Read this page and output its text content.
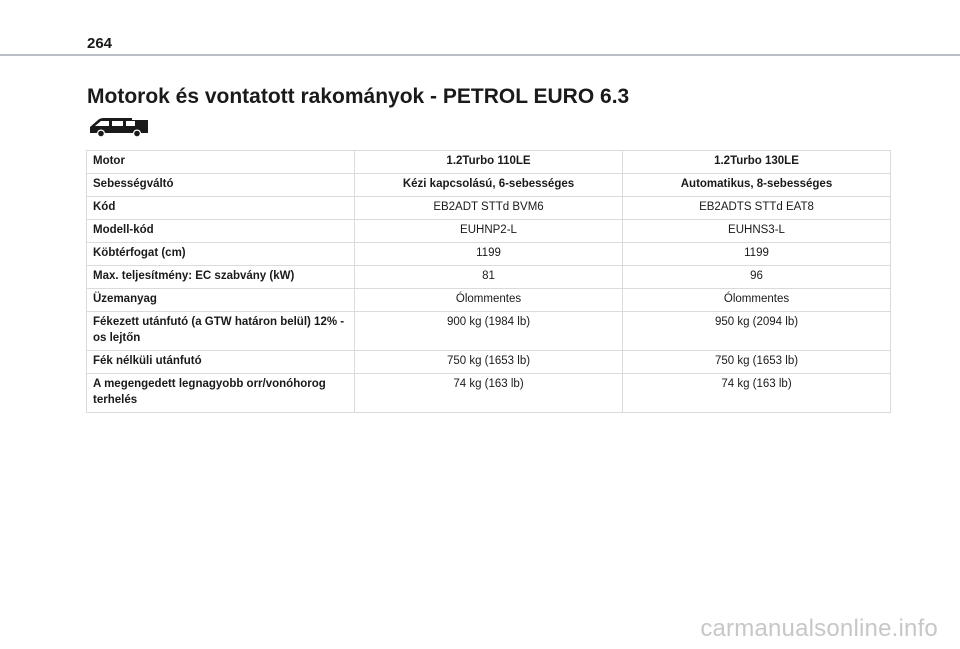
264
Motorok és vontatott rakományok - PETROL EURO 6.3
Motor	1.2Turbo 110LE	1.2Turbo 130LE
Sebességváltó	Kézi kapcsolású, 6-sebességes	Automatikus, 8-sebességes
Kód	EB2ADT STTd BVM6	EB2ADTS STTd EAT8
Modell-kód	EUHNP2-L	EUHNS3-L
Köbtérfogat (cm)	1199	1199
Max. teljesítmény: EC szabvány (kW)	81	96
Üzemanyag	Ólommentes	Ólommentes
Fékezett utánfutó (a GTW határon belül) 12% -os lejtőn	900 kg (1984 lb)	950 kg (2094 lb)
Fék nélküli utánfutó	750 kg (1653 lb)	750 kg (1653 lb)
A megengedett legnagyobb orr/vonóhorog terhelés	74 kg (163 lb)	74 kg (163 lb)
carmanualsonline.info
